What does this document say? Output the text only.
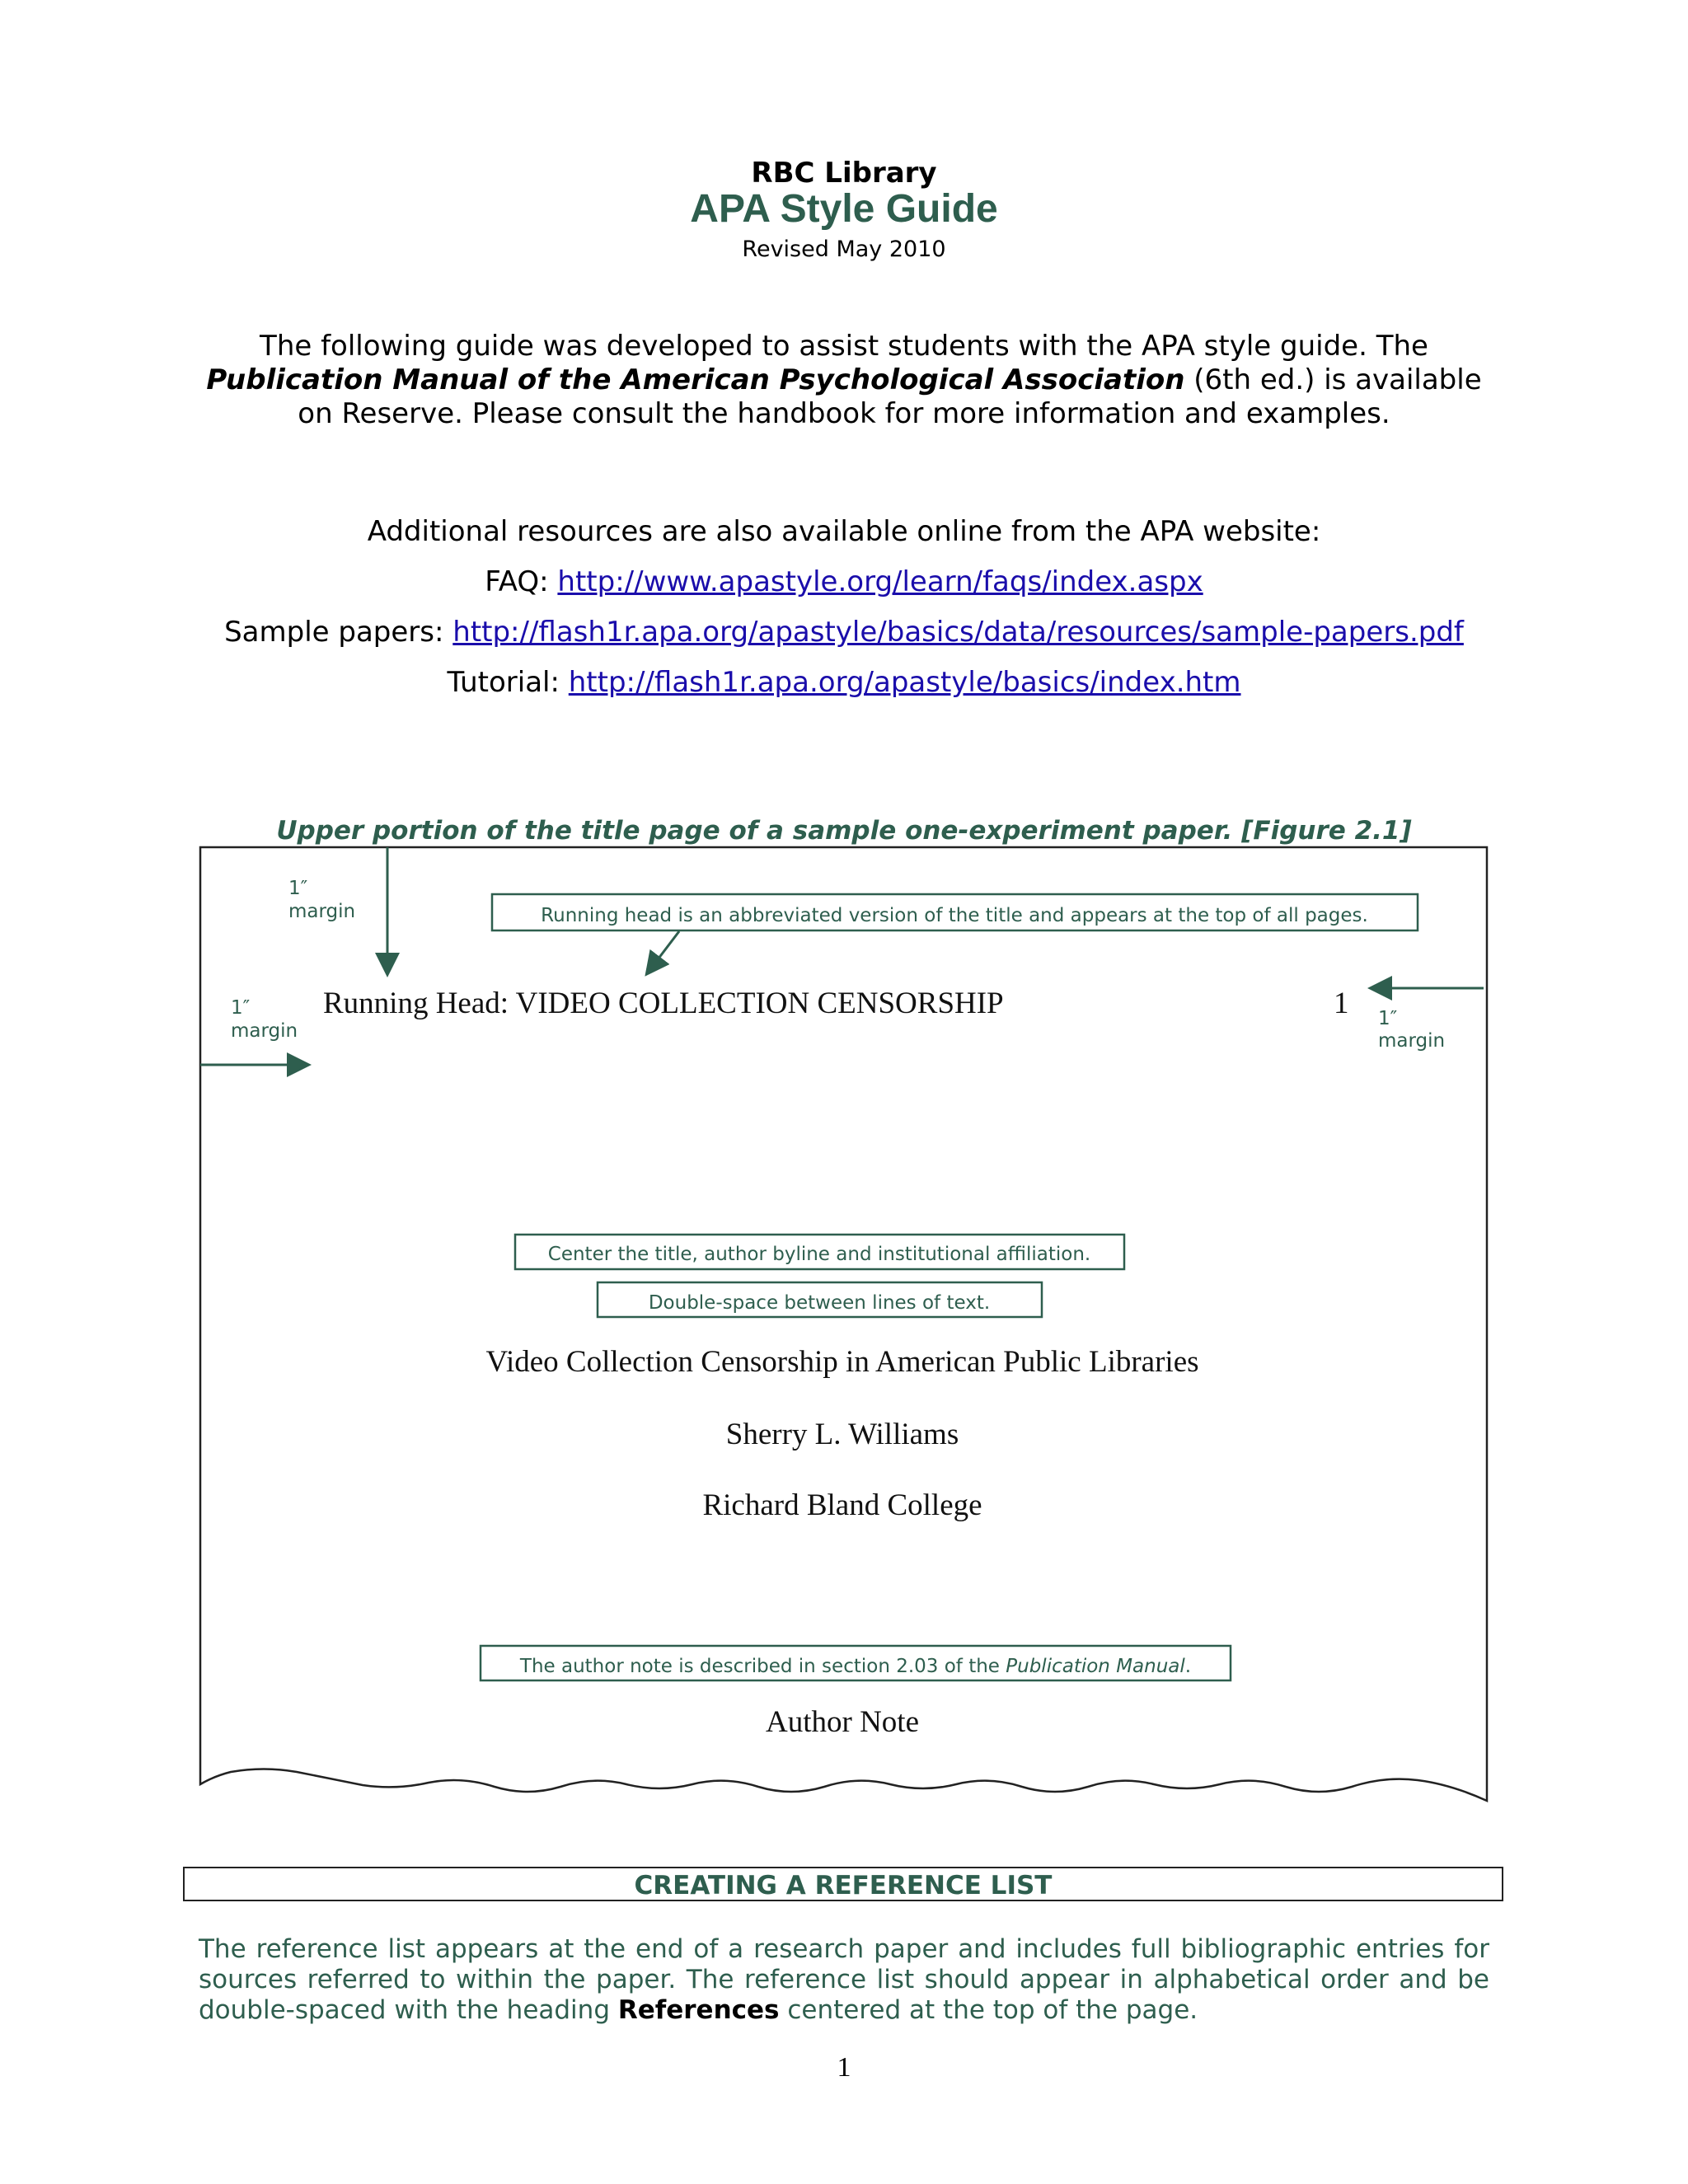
RBC Library
APA Style Guide
Revised May 2010
The following guide was developed to assist students with the APA style guide. The Publication Manual of the American Psychological Association (6th ed.) is available on Reserve. Please consult the handbook for more information and examples.
Additional resources are also available online from the APA website:
FAQ: http://www.apastyle.org/learn/faqs/index.aspx
Sample papers: http://flash1r.apa.org/apastyle/basics/data/resources/sample-papers.pdf
Tutorial: http://flash1r.apa.org/apastyle/basics/index.htm
Upper portion of the title page of a sample one-experiment paper. [Figure 2.1]
1″
margin
1″
margin
1″
margin
Running head is an abbreviated version of the title and appears at the top of all pages.
Running Head: VIDEO COLLECTION CENSORSHIP	1
Center the title, author byline and institutional affiliation.
Double-space between lines of text.
Video Collection Censorship in American Public Libraries
Sherry L. Williams
Richard Bland College
The author note is described in section 2.03 of the Publication Manual.
Author Note
CREATING A REFERENCE LIST
The reference list appears at the end of a research paper and includes full bibliographic entries for sources referred to within the paper. The reference list should appear in alphabetical order and be double-spaced with the heading References centered at the top of the page.
1
